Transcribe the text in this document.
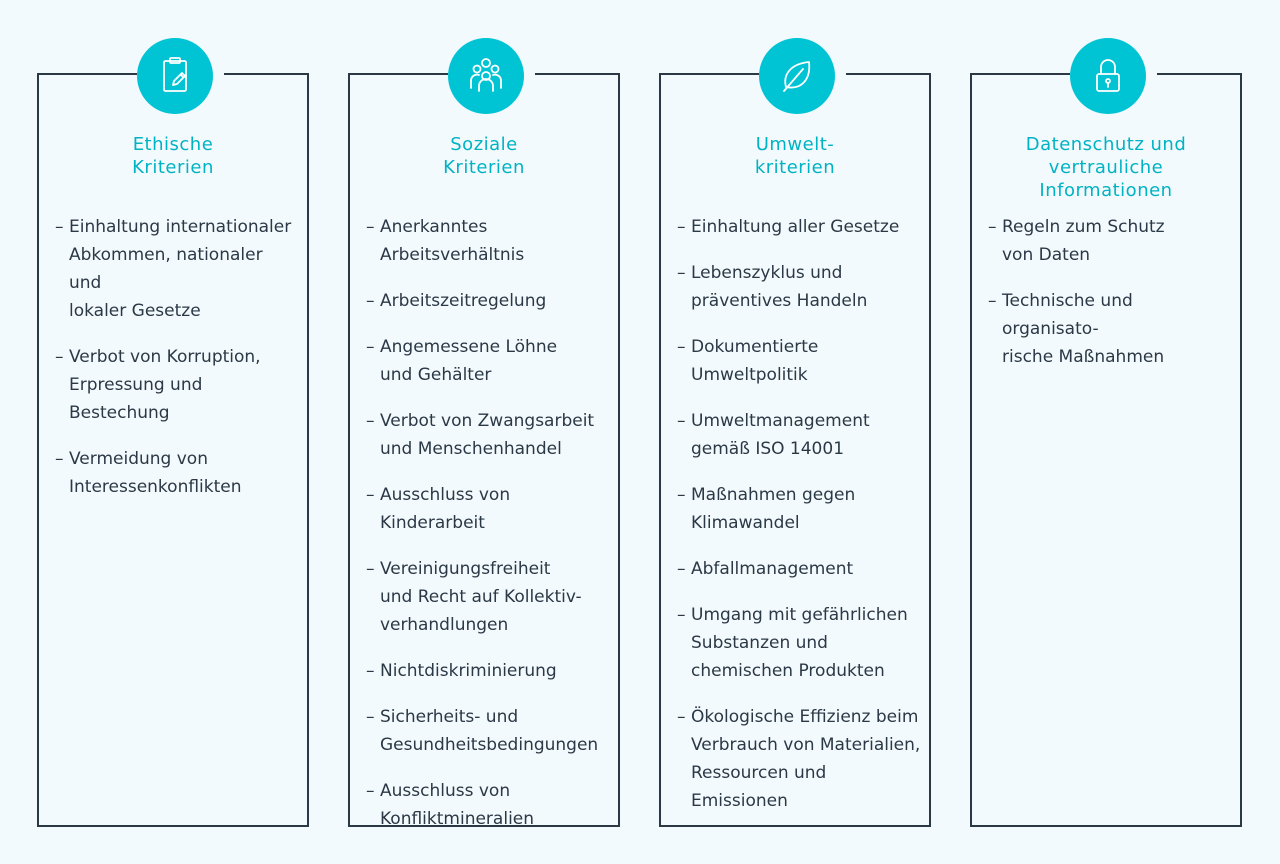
Ethische
Kriterien
– Einhaltung internationaler
Abkommen, nationaler und
lokaler Gesetze
– Verbot von Korruption,
Erpressung und Bestechung
– Vermeidung von
Interessenkonflikten
Soziale
Kriterien
– Anerkanntes
Arbeitsverhältnis
– Arbeitszeitregelung
– Angemessene Löhne
und Gehälter
– Verbot von Zwangsarbeit
und Menschenhandel
– Ausschluss von Kinderarbeit
– Vereinigungsfreiheit
und Recht auf Kollektiv-
verhandlungen
– Nichtdiskriminierung
– Sicherheits- und
Gesundheitsbedingungen
– Ausschluss von
Konfliktmineralien
Umwelt-
kriterien
– Einhaltung aller Gesetze
– Lebenszyklus und
präventives Handeln
– Dokumentierte
Umweltpolitik
– Umweltmanagement
gemäß ISO 14001
– Maßnahmen gegen
Klimawandel
– Abfallmanagement
– Umgang mit gefährlichen
Substanzen und
chemischen Produkten
– Ökologische Effizienz beim
Verbrauch von Materialien,
Ressourcen und Emissionen
Datenschutz und
vertrauliche
Informationen
– Regeln zum Schutz
von Daten
– Technische und organisato-
rische Maßnahmen
